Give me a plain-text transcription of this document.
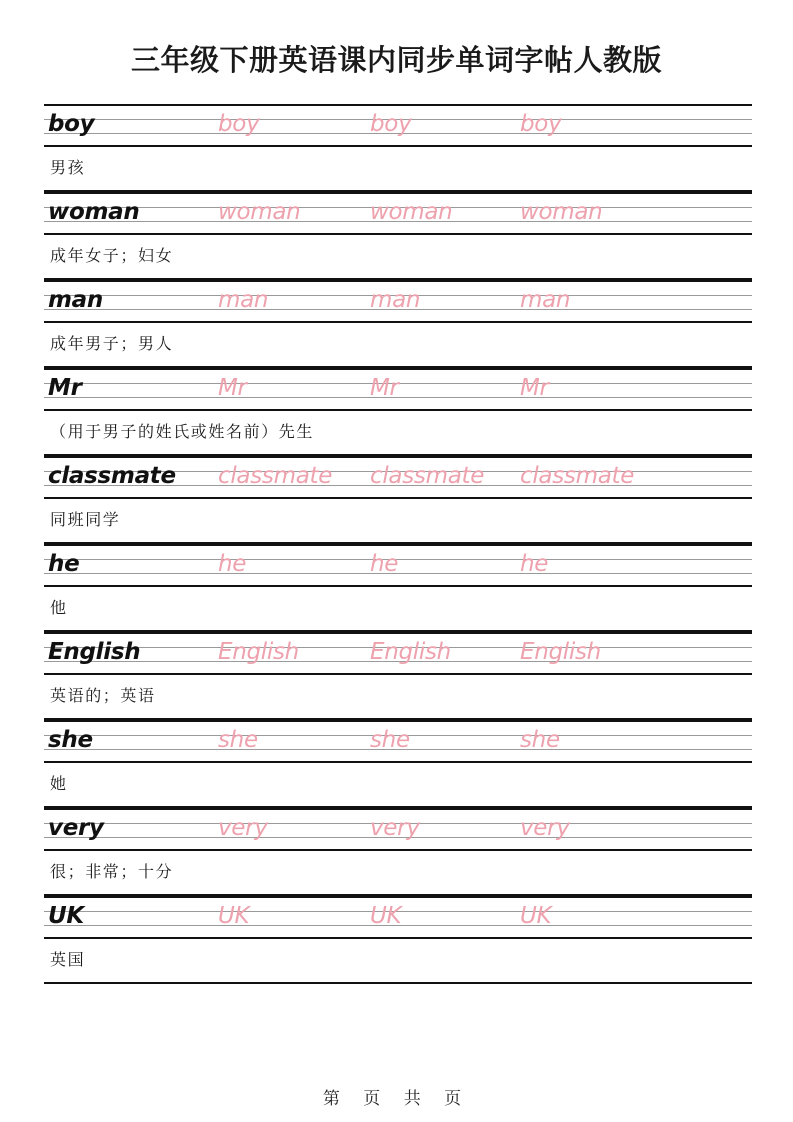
三年级下册英语课内同步单词字帖人教版
boy	boy	boy	boy
男孩
woman	woman	woman	woman
成年女子；妇女
man	man	man	man
成年男子；男人
Mr	Mr	Mr	Mr
（用于男子的姓氏或姓名前）先生
classmate classmate classmate classmate
同班同学
he	he	he	he
他
English	English	English	English
英语的；英语
she	she	she	she
她
very	very	very	very
很；非常；十分
UK	UK	UK	UK
英国
第 页 共 页
